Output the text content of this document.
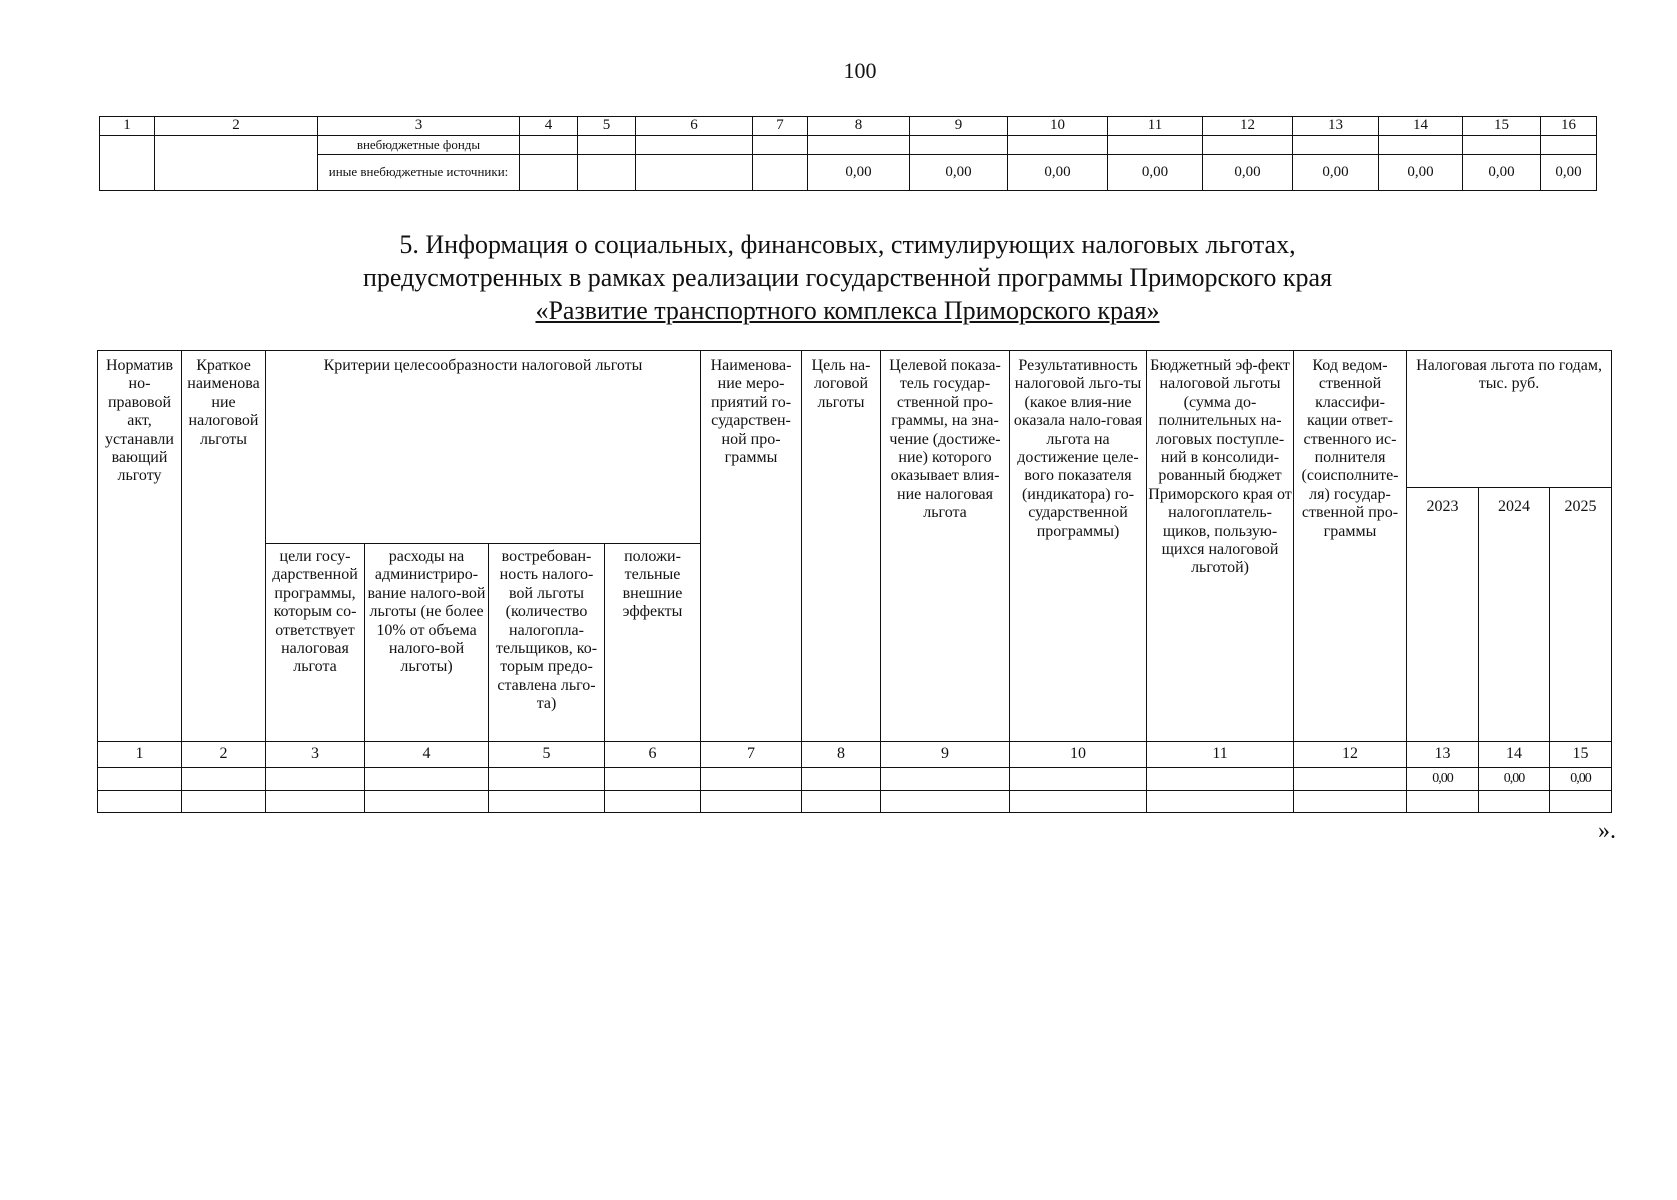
100
1	2	3	4	5	6	7	8	9	10	11	12	13	14	15	16
		внебюджетные фонды													
		иные внебюджетные источники:					0,00	0,00	0,00	0,00	0,00	0,00	0,00	0,00	0,00
5. Информация о социальных, финансовых, стимулирующих налоговых льготах,
предусмотренных в рамках реализации государственной программы Приморского края
«Развитие транспортного комплекса Приморского края»
Норматив но-правовой акт, устанавли вающий льготу	Краткое наименова ние налоговой льготы	Критерии целесообразности налоговой льготы				Наименова-ние меро-приятий го-сударствен-ной про-граммы	Цель на-логовой льготы	Целевой показа-тель государ-ственной про-граммы, на зна-чение (достиже-ние) которого оказывает влия-ние налоговая льгота	Результативность налоговой льго-ты (какое влия-ние оказала нало-говая льгота на достижение целе-вого показателя (индикатора) го-сударственной программы)	Бюджетный эф-фект налоговой льготы (сумма до-полнительных на-логовых поступле-ний в консолиди-рованный бюджет Приморского края от налогоплатель-щиков, пользую-щихся налоговой льготой)	Код ведом-ственной классифи-кации ответ-ственного ис-полнителя (соисполните-ля) государ-ственной про-граммы	Налоговая льгота по годам, тыс. руб.		
												2023	2024	2025
		цели госу-дарственной программы, которым со-ответствует налоговая льгота	расходы на администриро-вание налого-вой льготы (не более 10% от объема налого-вой льготы)	востребован-ность налого-вой льготы (количество налогопла-тельщиков, ко-торым предо-ставлена льго-та)	положи-тельные внешние эффекты									
1	2	3	4	5	6	7	8	9	10	11	12	13	14	15
												0,00	0,00	0,00

».
